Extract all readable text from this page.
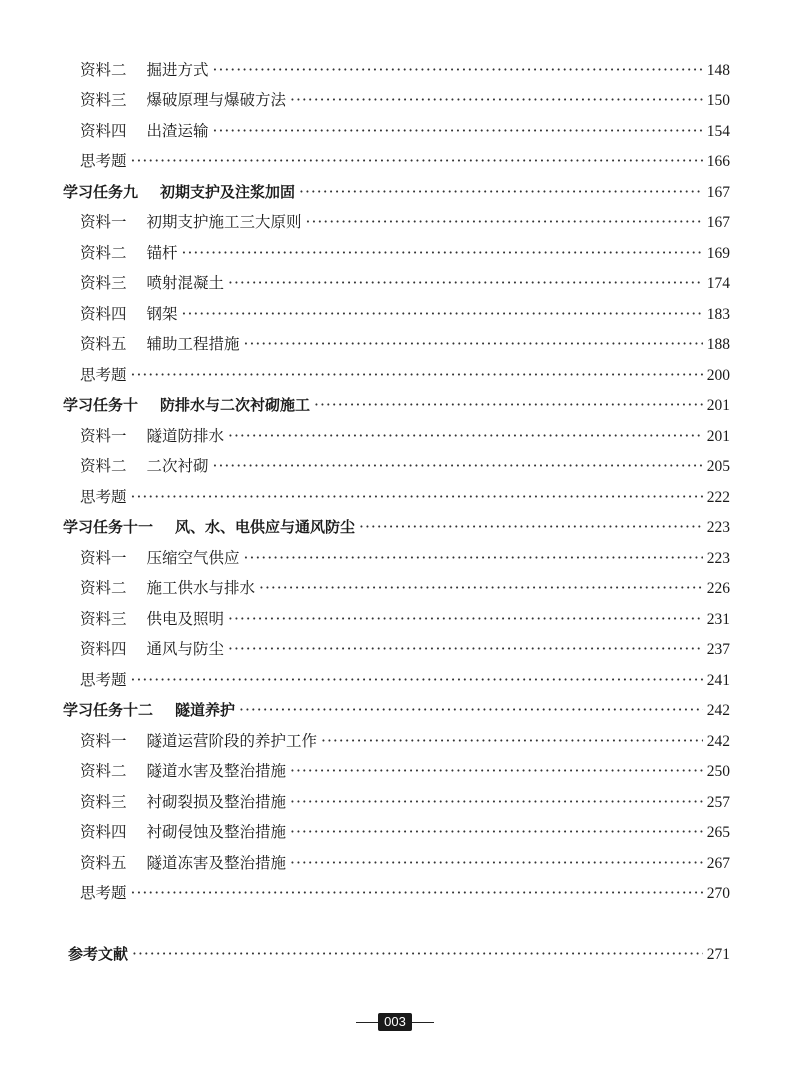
资料二 掘进方式 ·····	148
资料三 爆破原理与爆破方法 ·····	150
资料四 出渣运输 ·····	154
思考题 ·····	166
学习任务九 初期支护及注浆加固 ·····	167
资料一 初期支护施工三大原则 ·····	167
资料二 锚杆 ·····	169
资料三 喷射混凝土 ·····	174
资料四 钢架 ·····	183
资料五 辅助工程措施 ·····	188
思考题 ·····	200
学习任务十 防排水与二次衬砌施工 ·····	201
资料一 隧道防排水 ·····	201
资料二 二次衬砌 ·····	205
思考题 ·····	222
学习任务十一 风、水、电供应与通风防尘 ·····	223
资料一 压缩空气供应 ·····	223
资料二 施工供水与排水 ·····	226
资料三 供电及照明 ·····	231
资料四 通风与防尘 ·····	237
思考题 ·····	241
学习任务十二 隧道养护 ·····	242
资料一 隧道运营阶段的养护工作 ·····	242
资料二 隧道水害及整治措施 ·····	250
资料三 衬砌裂损及整治措施 ·····	257
资料四 衬砌侵蚀及整治措施 ·····	265
资料五 隧道冻害及整治措施 ·····	267
思考题 ·····	270
参考文献 ·····	271
003
